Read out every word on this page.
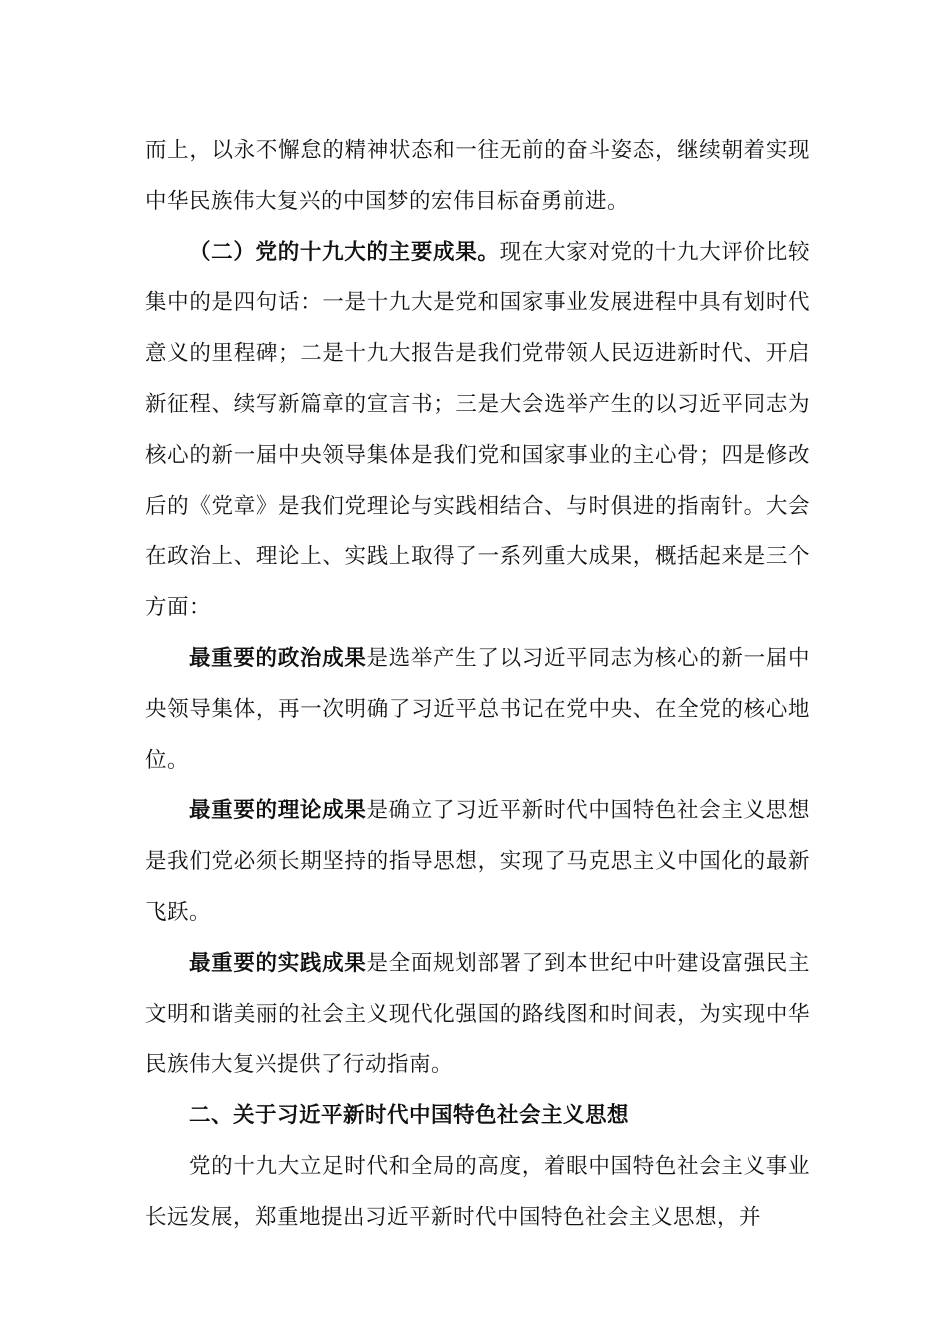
而上，以永不懈怠的精神状态和一往无前的奋斗姿态，继续朝着实现中华民族伟大复兴的中国梦的宏伟目标奋勇前进。

（二）党的十九大的主要成果。现在大家对党的十九大评价比较集中的是四句话：一是十九大是党和国家事业发展进程中具有划时代意义的里程碑；二是十九大报告是我们党带领人民迈进新时代、开启新征程、续写新篇章的宣言书；三是大会选举产生的以习近平同志为核心的新一届中央领导集体是我们党和国家事业的主心骨；四是修改后的《党章》是我们党理论与实践相结合、与时俱进的指南针。大会在政治上、理论上、实践上取得了一系列重大成果，概括起来是三个方面：

最重要的政治成果是选举产生了以习近平同志为核心的新一届中央领导集体，再一次明确了习近平总书记在党中央、在全党的核心地位。

最重要的理论成果是确立了习近平新时代中国特色社会主义思想是我们党必须长期坚持的指导思想，实现了马克思主义中国化的最新飞跃。

最重要的实践成果是全面规划部署了到本世纪中叶建设富强民主文明和谐美丽的社会主义现代化强国的路线图和时间表，为实现中华民族伟大复兴提供了行动指南。

二、关于习近平新时代中国特色社会主义思想

党的十九大立足时代和全局的高度，着眼中国特色社会主义事业长远发展，郑重地提出习近平新时代中国特色社会主义思想，并
